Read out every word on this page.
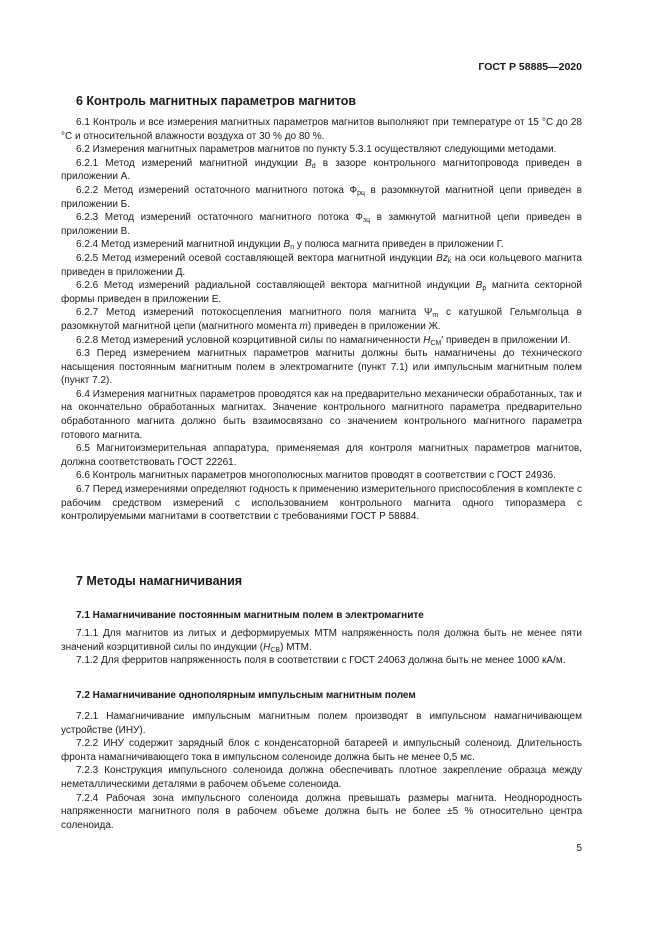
ГОСТ Р 58885—2020
6 Контроль магнитных параметров магнитов

6.1 Контроль и все измерения магнитных параметров магнитов выполняют при температуре от 15 °С до 28 °С и относительной влажности воздуха от 30 % до 80 %.

6.2 Измерения магнитных параметров магнитов по пункту 5.3.1 осуществляют следующими методами.

6.2.1 Метод измерений магнитной индукции $B_d$ в зазоре контрольного магнитопровода приведен в приложении А.

6.2.2 Метод измерений остаточного магнитного потока $Ф_{рц}$ в разомкнутой магнитной цепи приведен в приложении Б.

6.2.3 Метод измерений остаточного магнитного потока $Ф_{зц}$ в замкнутой магнитной цепи приведен в приложении В.

6.2.4 Метод измерений магнитной индукции $B_n$ у полюса магнита приведен в приложении Г.

6.2.5 Метод измерений осевой составляющей вектора магнитной индукции $Bz_k$ на оси кольцевого магнита приведен в приложении Д.

6.2.6 Метод измерений радиальной составляющей вектора магнитной индукции $B_p$ магнита секторной формы приведен в приложении Е.

6.2.7 Метод измерений потокосцепления магнитного поля магнита $\Psi_m$ с катушкой Гельмгольца в разомкнутой магнитной цепи (магнитного момента m) приведен в приложении Ж.

6.2.8 Метод измерений условной коэрцитивной силы по намагниченности $H_{CM}'$ приведен в приложении И.

6.3 Перед измерением магнитных параметров магниты должны быть намагничены до технического насыщения постоянным магнитным полем в электромагните (пункт 7.1) или импульсным магнитным полем (пункт 7.2).

6.4 Измерения магнитных параметров проводятся как на предварительно механически обработанных, так и на окончательно обработанных магнитах. Значение контрольного магнитного параметра предварительно обработанного магнита должно быть взаимосвязано со значением контрольного магнитного параметра готового магнита.

6.5 Магнитоизмерительная аппаратура, применяемая для контроля магнитных параметров магнитов, должна соответствовать ГОСТ 22261.

6.6 Контроль магнитных параметров многополюсных магнитов проводят в соответствии с ГОСТ 24936.

6.7 Перед измерениями определяют годность к применению измерительного приспособления в комплекте с рабочим средством измерений с использованием контрольного магнита одного типоразмера с контролируемыми магнитами в соответствии с требованиями ГОСТ Р 58884.

7 Методы намагничивания
7.1 Намагничивание постоянным магнитным полем в электромагните

7.1.1 Для магнитов из литых и деформируемых МТМ напряженность поля должна быть не менее пяти значений коэрцитивной силы по индукции $(H_{CB})$ МТМ.

7.1.2 Для ферритов напряженность поля в соответствии с ГОСТ 24063 должна быть не менее 1000 кА/м.

7.2 Намагничивание однополярным импульсным магнитным полем

7.2.1 Намагничивание импульсным магнитным полем производят в импульсном намагничивающем устройстве (ИНУ).

7.2.2 ИНУ содержит зарядный блок с конденсаторной батареей и импульсный соленоид. Длительность фронта намагничивающего тока в импульсном соленоиде должна быть не менее 0,5 мс.

7.2.3 Конструкция импульсного соленоида должна обеспечивать плотное закрепление образца между неметаллическими деталями в рабочем объеме соленоида.

7.2.4 Рабочая зона импульсного соленоида должна превышать размеры магнита. Неоднородность напряженности магнитного поля в рабочем объеме должна быть не более ±5 % относительно центра соленоида.

5
